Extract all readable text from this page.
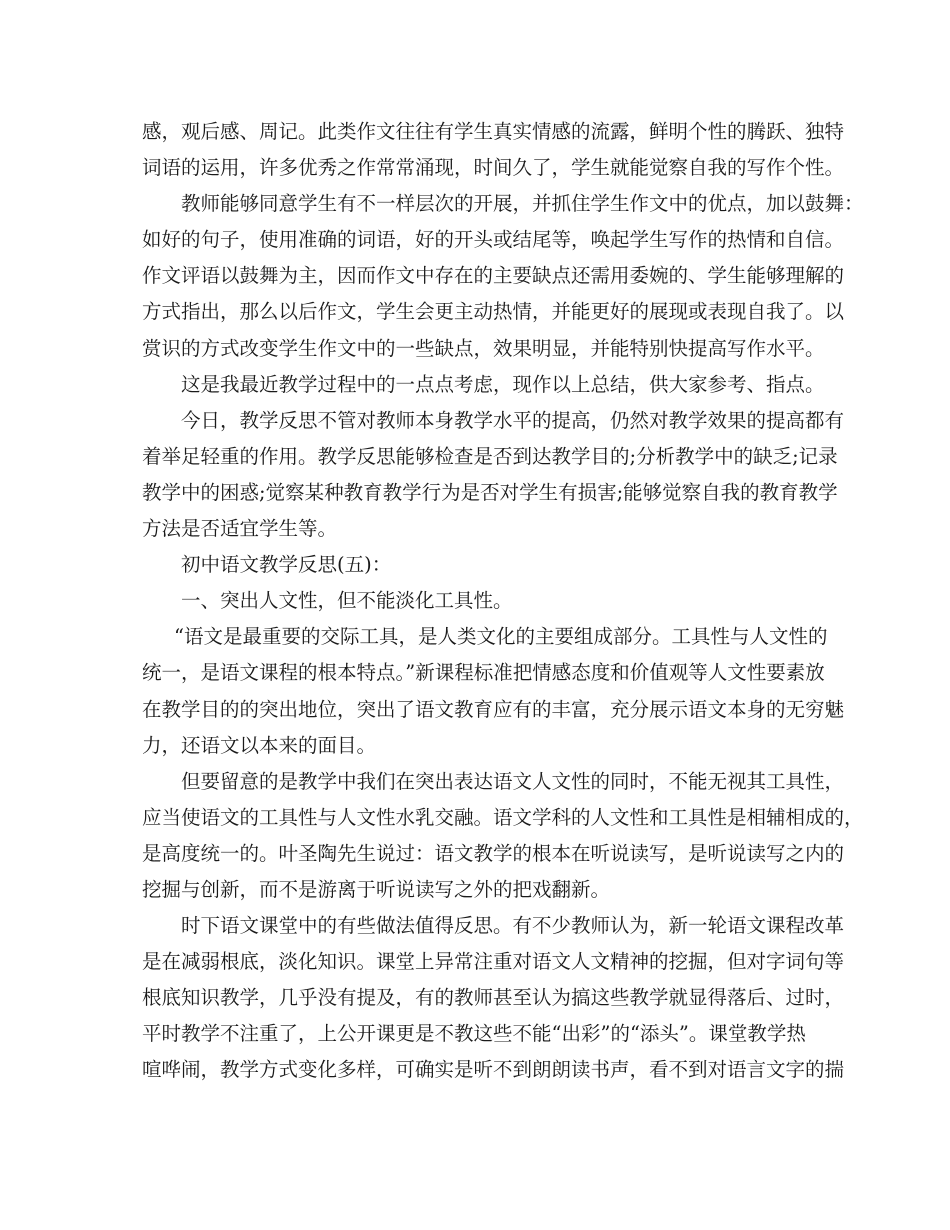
感，观后感、周记。此类作文往往有学生真实情感的流露，鲜明个性的腾跃、独特
词语的运用，许多优秀之作常常涌现，时间久了，学生就能觉察自我的写作个性。
教师能够同意学生有不一样层次的开展，并抓住学生作文中的优点，加以鼓舞：
如好的句子，使用准确的词语，好的开头或结尾等，唤起学生写作的热情和自信。
作文评语以鼓舞为主，因而作文中存在的主要缺点还需用委婉的、学生能够理解的
方式指出，那么以后作文，学生会更主动热情，并能更好的展现或表现自我了。以
赏识的方式改变学生作文中的一些缺点，效果明显，并能特别快提高写作水平。
这是我最近教学过程中的一点点考虑，现作以上总结，供大家参考、指点。
今日，教学反思不管对教师本身教学水平的提高，仍然对教学效果的提高都有
着举足轻重的作用。教学反思能够检查是否到达教学目的;分析教学中的缺乏;记录
教学中的困惑;觉察某种教育教学行为是否对学生有损害;能够觉察自我的教育教学
方法是否适宜学生等。
初中语文教学反思(五)：
一、突出人文性，但不能淡化工具性。
“语文是最重要的交际工具，是人类文化的主要组成部分。工具性与人文性的
统一，是语文课程的根本特点。”新课程标准把情感态度和价值观等人文性要素放
在教学目的的突出地位，突出了语文教育应有的丰富，充分展示语文本身的无穷魅
力，还语文以本来的面目。
但要留意的是教学中我们在突出表达语文人文性的同时，不能无视其工具性，
应当使语文的工具性与人文性水乳交融。语文学科的人文性和工具性是相辅相成的，
是高度统一的。叶圣陶先生说过：语文教学的根本在听说读写，是听说读写之内的
挖掘与创新，而不是游离于听说读写之外的把戏翻新。
时下语文课堂中的有些做法值得反思。有不少教师认为，新一轮语文课程改革
是在减弱根底，淡化知识。课堂上异常注重对语文人文精神的挖掘，但对字词句等
根底知识教学，几乎没有提及，有的教师甚至认为搞这些教学就显得落后、过时，
平时教学不注重了，上公开课更是不教这些不能“出彩”的“添头”。课堂教学热
喧哗闹，教学方式变化多样，可确实是听不到朗朗读书声，看不到对语言文字的揣
